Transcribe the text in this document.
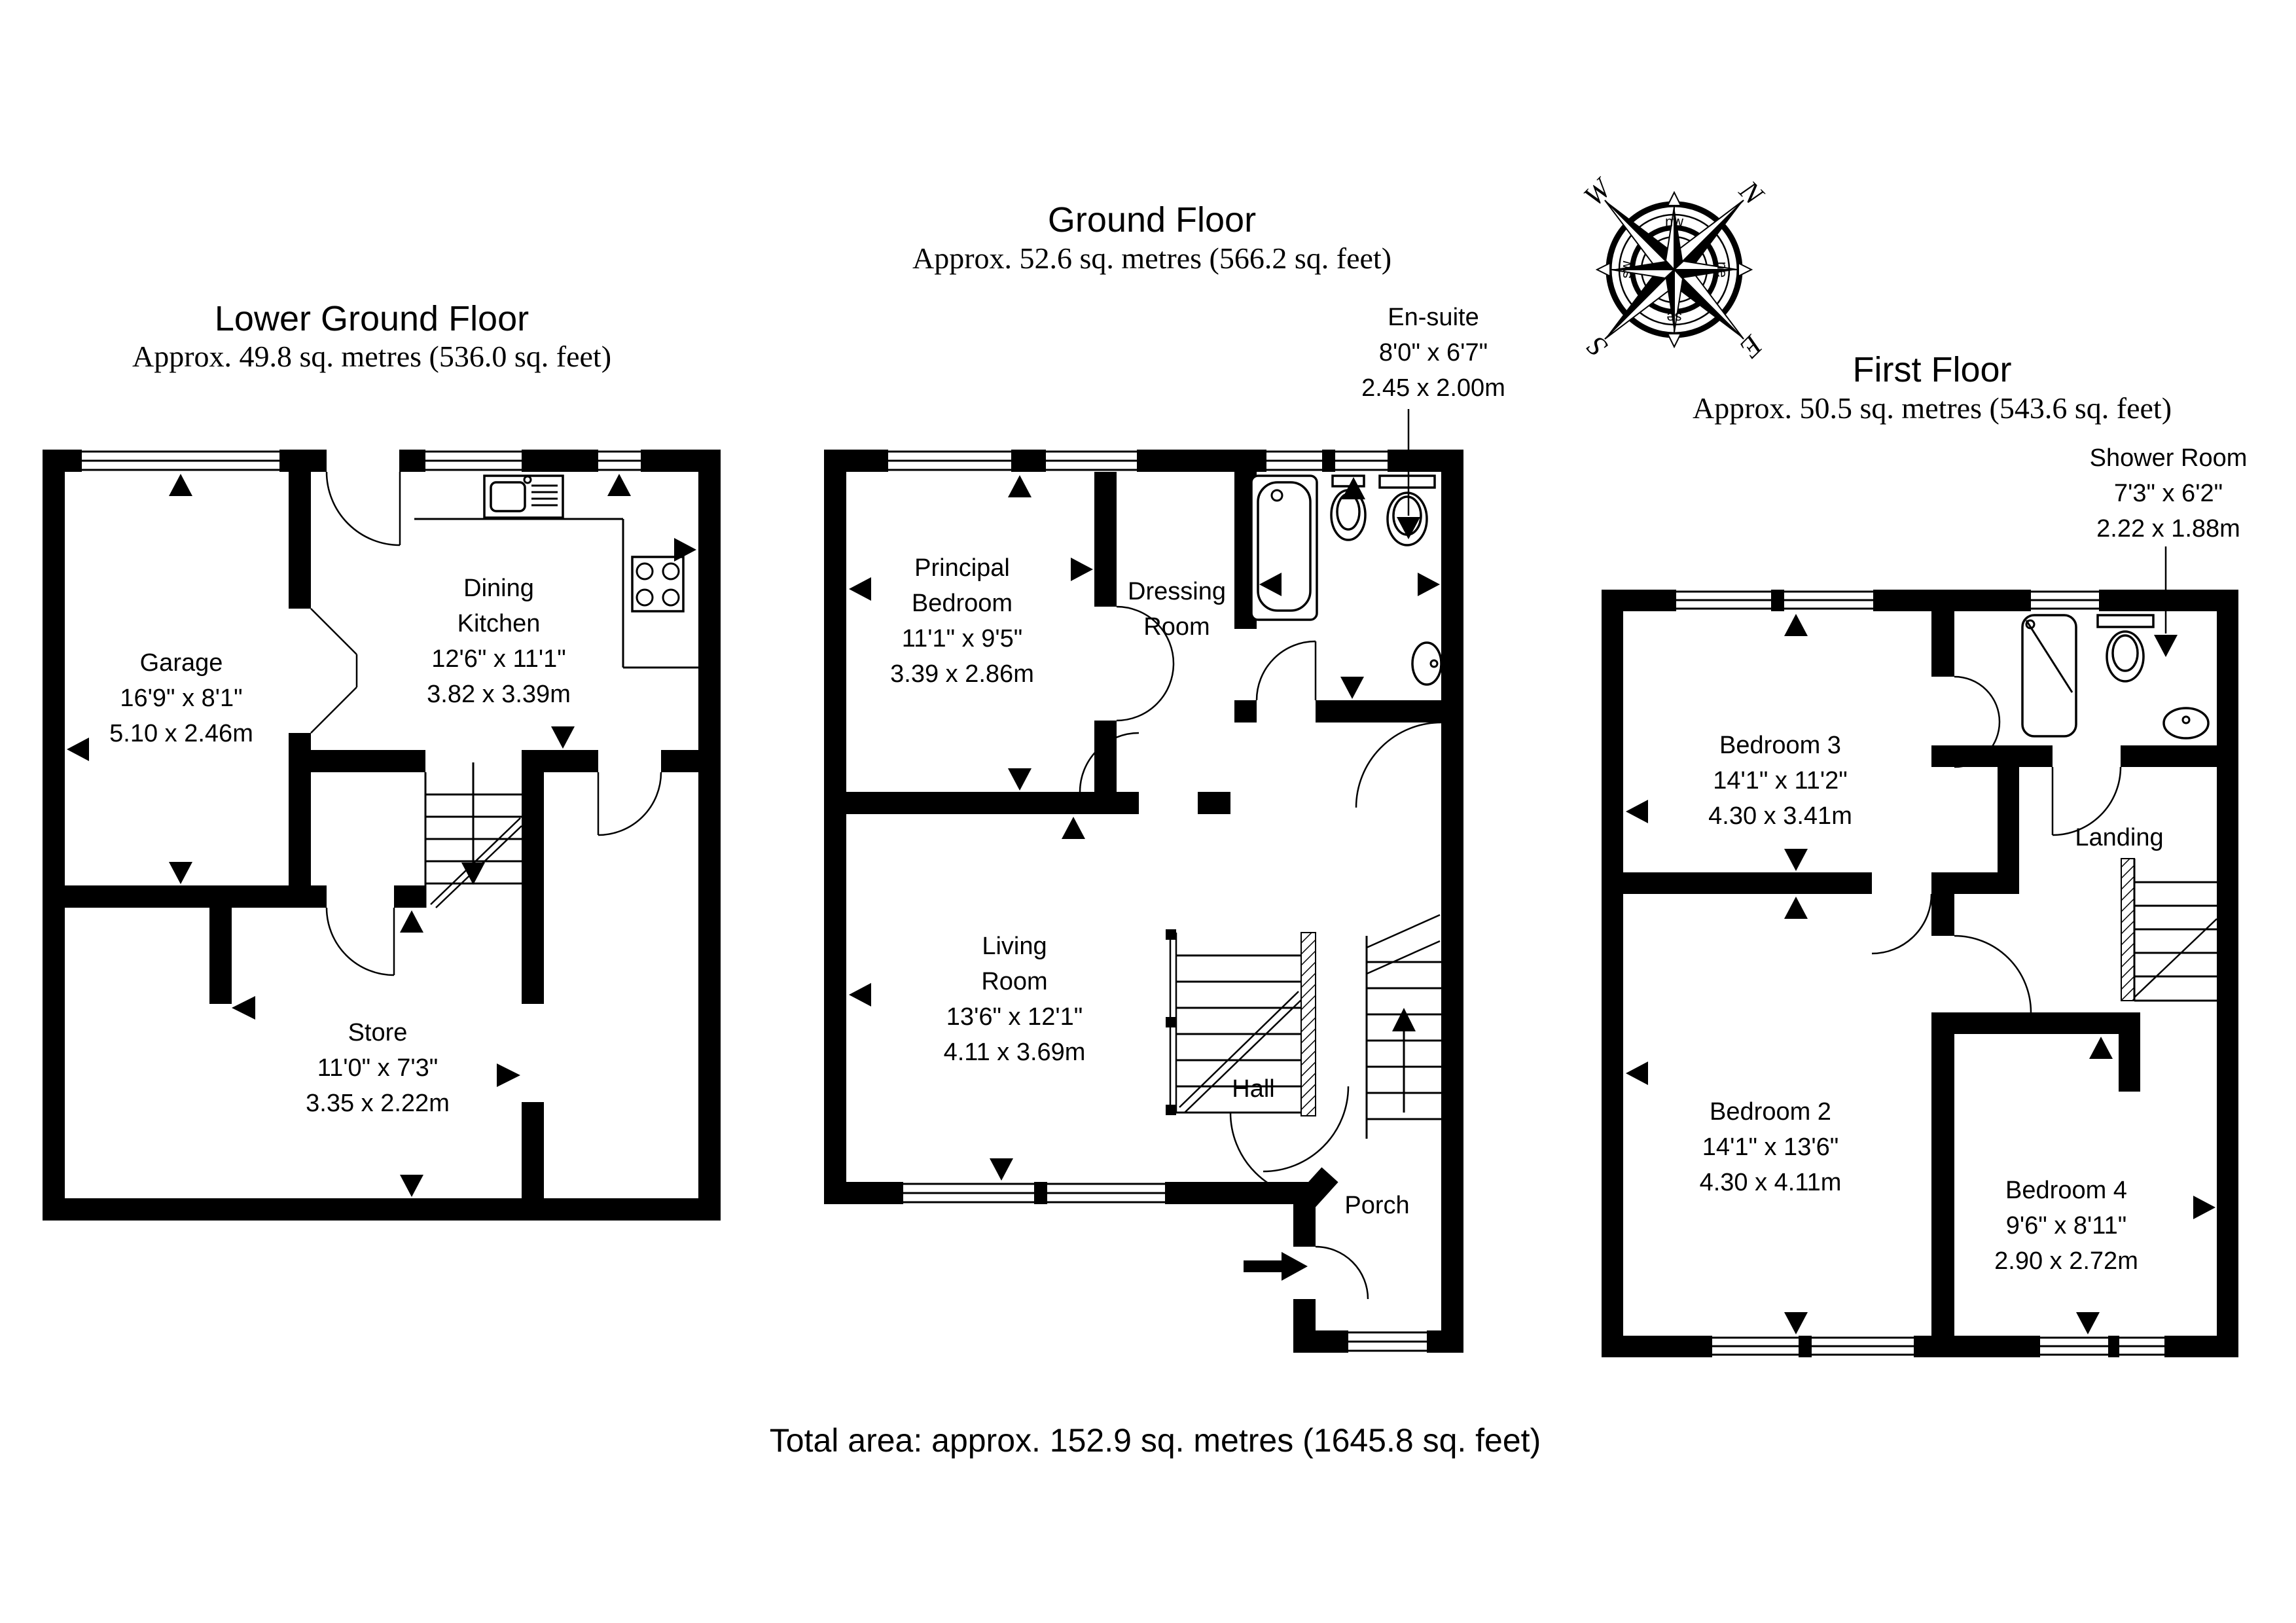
Lower Ground Floor
Approx. 49.8 sq. metres (536.0 sq. feet)
Ground Floor
Approx. 52.6 sq. metres (566.2 sq. feet)
First Floor
Approx. 50.5 sq. metres (543.6 sq. feet)
En-suite
8'0" x 6'7"
2.45 x 2.00m
Shower Room
7'3" x 6'2"
2.22 x 1.88m
Garage
16'9" x 8'1"
5.10 x 2.46m
Dining
Kitchen
12'6" x 11'1"
3.82 x 3.39m
Store
11'0" x 7'3"
3.35 x 2.22m
Principal
Bedroom
11'1" x 9'5"
3.39 x 2.86m
Dressing
Room
Living
Room
13'6" x 12'1"
4.11 x 3.69m
Hall
Porch
Bedroom 3
14'1" x 11'2"
4.30 x 3.41m
Landing
Bedroom 2
14'1" x 13'6"
4.30 x 4.11m	Bedroom 4
9'6" x 8'11"
2.90 x 2.72m
Total area: approx. 152.9 sq. metres (1645.8 sq. feet)
N
E
S
W
nw
ne
se
sw
